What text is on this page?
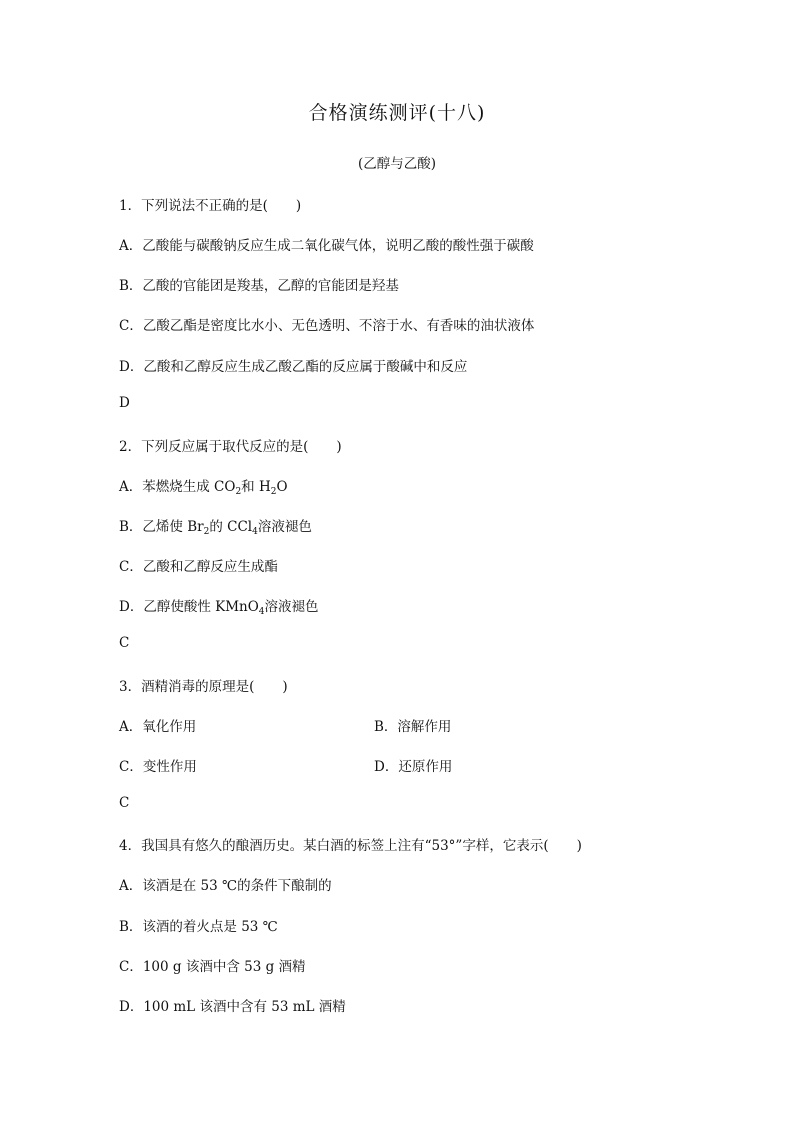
合格演练测评(十八)
(乙醇与乙酸)
1．下列说法不正确的是( )
A．乙酸能与碳酸钠反应生成二氧化碳气体，说明乙酸的酸性强于碳酸
B．乙酸的官能团是羧基，乙醇的官能团是羟基
C．乙酸乙酯是密度比水小、无色透明、不溶于水、有香味的油状液体
D．乙酸和乙醇反应生成乙酸乙酯的反应属于酸碱中和反应
D
2．下列反应属于取代反应的是( )
A．苯燃烧生成 $CO_2$和 $H_2O$
B．乙烯使 $Br_2$的 CCl$_4$溶液褪色
C．乙酸和乙醇反应生成酯
D．乙醇使酸性 KMnO$_4$溶液褪色
C
3．酒精消毒的原理是( )
A．氧化作用	B．溶解作用
C．变性作用	D．还原作用
C
4．我国具有悠久的酿酒历史。某白酒的标签上注有“53°”字样，它表示( )
A．该酒是在 53 ℃的条件下酿制的
B．该酒的着火点是 53 ℃
C．100 g 该酒中含 53 g 酒精
D．100 mL 该酒中含有 53 mL 酒精
